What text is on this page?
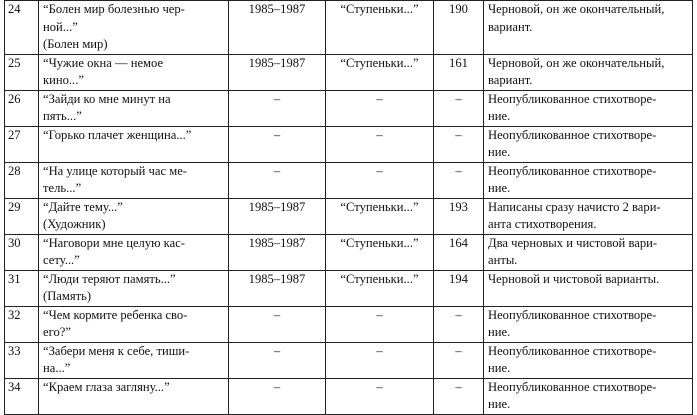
24	“Болен мир болезнью чер-
ной...”
(Болен мир)	1985–1987	“Ступеньки...”	190	Черновой, он же окончательный,
вариант.

25	“Чужие окна — немое
кино...”	1985–1987	“Ступеньки...”	161	Черновой, он же окончательный,
вариант.

26	“Зайди ко мне минут на
пять...”	–	–	–	Неопубликованное стихотворе-
ние.

27	“Горько плачет женщина...”	–	–	–	Неопубликованное стихотворе-
ние.

28	“На улице который час ме-
тель...”	–	–	–	Неопубликованное стихотворе-
ние.

29	“Дайте тему...”
(Художник)	1985–1987	“Ступеньки...”	193	Написаны сразу начисто 2 вари-
анта стихотворения.

30	“Наговори мне целую кас-
сету...”	1985–1987	“Ступеньки...”	164	Два черновых и чистовой вари-
анты.

31	“Люди теряют память...”
(Память)	1985–1987	“Ступеньки...”	194	Черновой и чистовой варианты.

32	“Чем кормите ребенка сво-
его?”	–	–	–	Неопубликованное стихотворе-
ние.

33	“Забери меня к себе, тиши-
на...”	–	–	–	Неопубликованное стихотворе-
ние.

34	“Краем глаза загляну...”	–	–	–	Неопубликованное стихотворе-
ние.
